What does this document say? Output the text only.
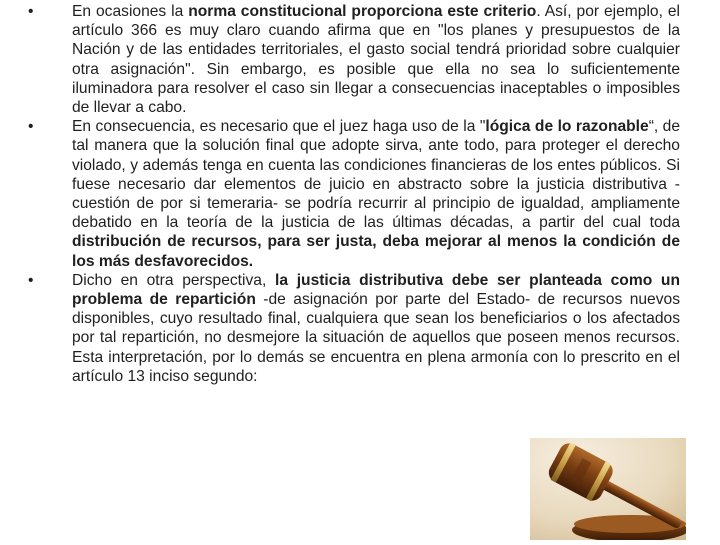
•	En ocasiones la norma constitucional proporciona este criterio. Así, por ejemplo, el artículo 366 es muy claro cuando afirma que en "los planes y presupuestos de la Nación y de las entidades territoriales, el gasto social tendrá prioridad sobre cualquier otra asignación". Sin embargo, es posible que ella no sea lo suficientemente iluminadora para resolver el caso sin llegar a consecuencias inaceptables o imposibles de llevar a cabo.
•	En consecuencia, es necesario que el juez haga uso de la "lógica de lo razonable“, de tal manera que la solución final que adopte sirva, ante todo, para proteger el derecho violado, y además tenga en cuenta las condiciones financieras de los entes públicos. Si fuese necesario dar elementos de juicio en abstracto sobre la justicia distributiva -cuestión de por si temeraria- se podría recurrir al principio de igualdad, ampliamente debatido en la teoría de la justicia de las últimas décadas, a partir del cual toda distribución de recursos, para ser justa, deba mejorar al menos la condición de los más desfavorecidos.
•	Dicho en otra perspectiva, la justicia distributiva debe ser planteada como un problema de repartición -de asignación por parte del Estado- de recursos nuevos disponibles, cuyo resultado final, cualquiera que sean los beneficiarios o los afectados por tal repartición, no desmejore la situación de aquellos que poseen menos recursos. Esta interpretación, por lo demás se encuentra en plena armonía con lo prescrito en el artículo 13 inciso segundo:
